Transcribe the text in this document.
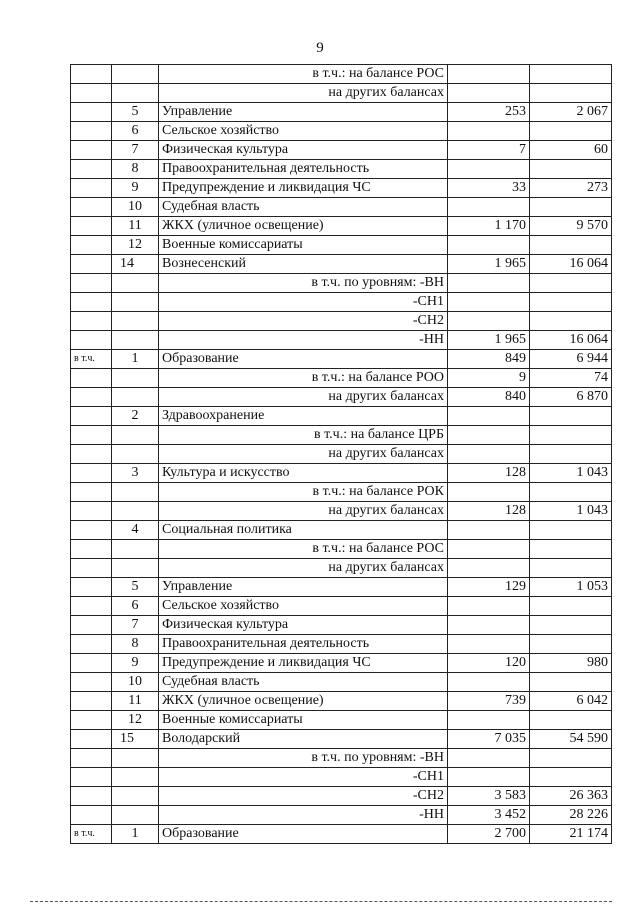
9
		в т.ч.: на балансе РОС		
		на других балансах		
	5	Управление	253	2 067
	6	Сельское хозяйство		
	7	Физическая культура	7	60
	8	Правоохранительная деятельность		
	9	Предупреждение и ликвидация ЧС	33	273
	10	Судебная власть		
	11	ЖКХ (уличное освещение)	1 170	9 570
	12	Военные комиссариаты		
	14	Вознесенский	1 965	16 064
		в т.ч. по уровням: -ВН		
		-СН1		
		-СН2		
		-НН	1 965	16 064
в т.ч.	1	Образование	849	6 944
		в т.ч.: на балансе РОО	9	74
		на других балансах	840	6 870
	2	Здравоохранение		
		в т.ч.: на балансе ЦРБ		
		на других балансах		
	3	Культура и искусство	128	1 043
		в т.ч.: на балансе РОК		
		на других балансах	128	1 043
	4	Социальная политика		
		в т.ч.: на балансе РОС		
		на других балансах		
	5	Управление	129	1 053
	6	Сельское хозяйство		
	7	Физическая культура		
	8	Правоохранительная деятельность		
	9	Предупреждение и ликвидация ЧС	120	980
	10	Судебная власть		
	11	ЖКХ (уличное освещение)	739	6 042
	12	Военные комиссариаты		
	15	Володарский	7 035	54 590
		в т.ч. по уровням: -ВН		
		-СН1		
		-СН2	3 583	26 363
		-НН	3 452	28 226
в т.ч.	1	Образование	2 700	21 174
